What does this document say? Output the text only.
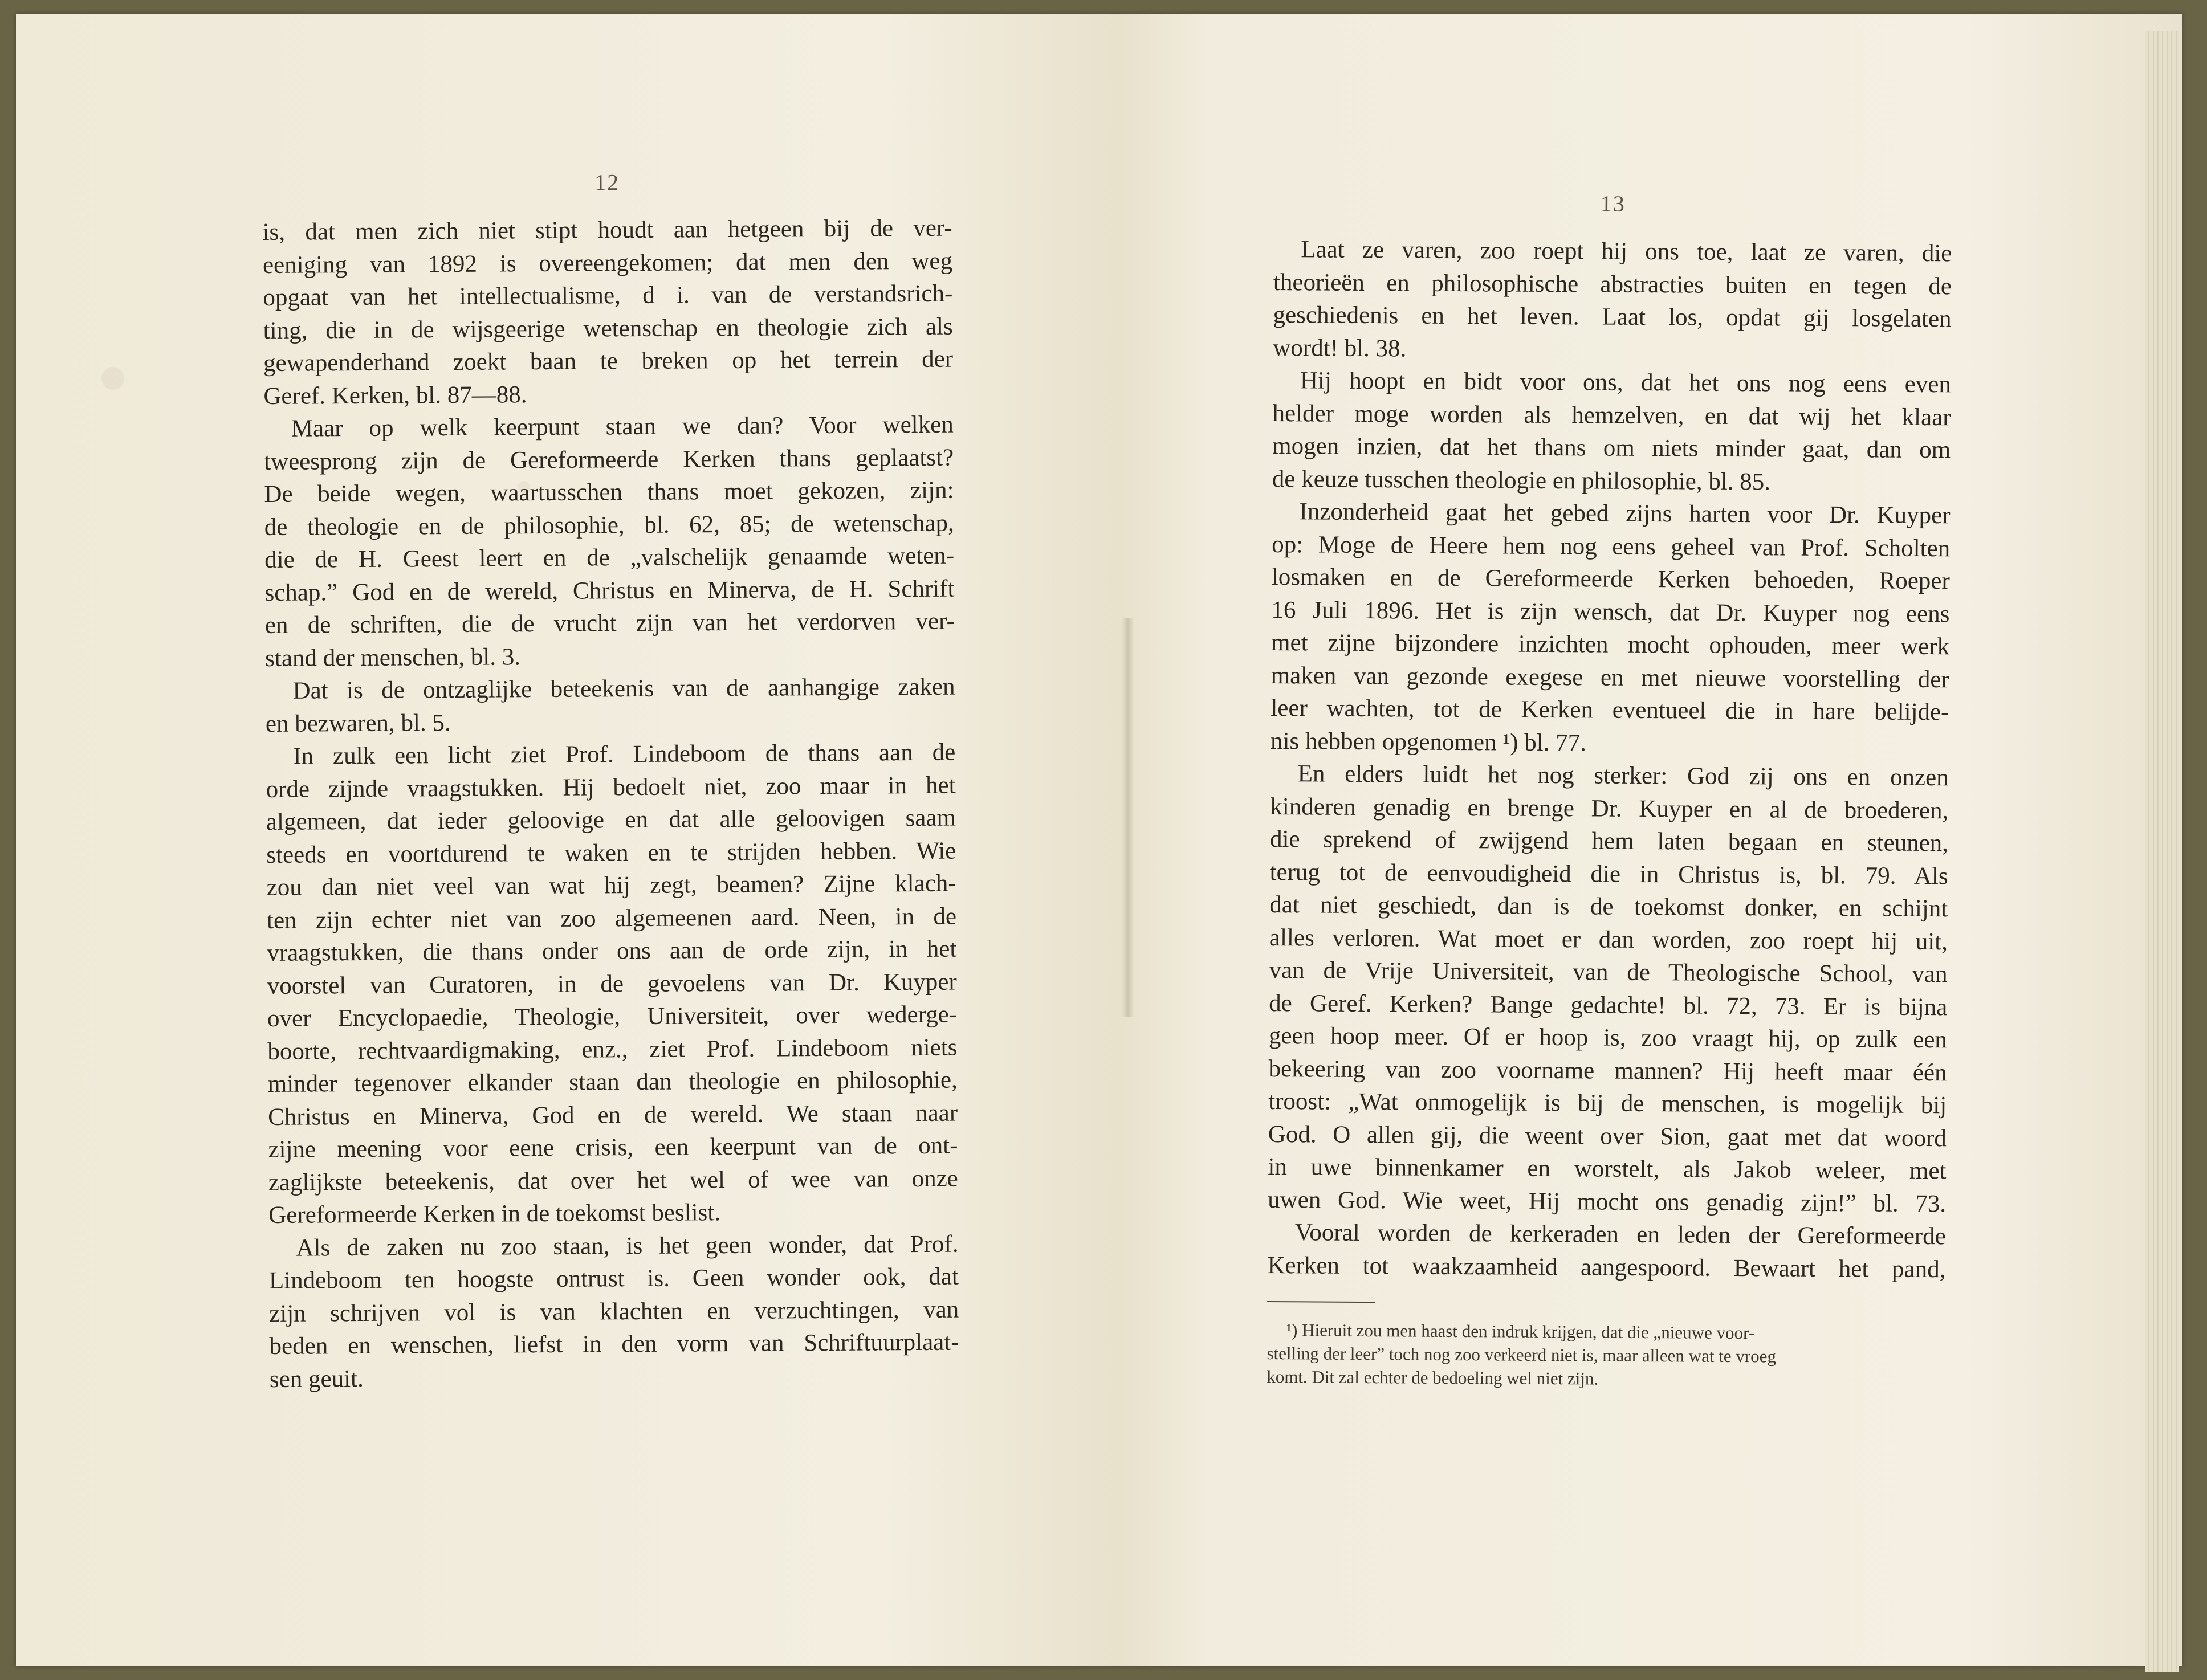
12
is, dat men zich niet stipt houdt aan hetgeen bij de ver-
eeniging van 1892 is overeengekomen; dat men den weg
opgaat van het intellectualisme, d i. van de verstandsrich-
ting, die in de wijsgeerige wetenschap en theologie zich als
gewapenderhand zoekt baan te breken op het terrein der
Geref. Kerken, bl. 87—88.
Maar op welk keerpunt staan we dan? Voor welken
tweesprong zijn de Gereformeerde Kerken thans geplaatst?
De beide wegen, waartusschen thans moet gekozen, zijn:
de theologie en de philosophie, bl. 62, 85; de wetenschap,
die de H. Geest leert en de „valschelijk genaamde weten-
schap.” God en de wereld, Christus en Minerva, de H. Schrift
en de schriften, die de vrucht zijn van het verdorven ver-
stand der menschen, bl. 3.
Dat is de ontzaglijke beteekenis van de aanhangige zaken
en bezwaren, bl. 5.
In zulk een licht ziet Prof. Lindeboom de thans aan de
orde zijnde vraagstukken. Hij bedoelt niet, zoo maar in het
algemeen, dat ieder geloovige en dat alle geloovigen saam
steeds en voortdurend te waken en te strijden hebben. Wie
zou dan niet veel van wat hij zegt, beamen? Zijne klach-
ten zijn echter niet van zoo algemeenen aard. Neen, in de
vraagstukken, die thans onder ons aan de orde zijn, in het
voorstel van Curatoren, in de gevoelens van Dr. Kuyper
over Encyclopaedie, Theologie, Universiteit, over wederge-
boorte, rechtvaardigmaking, enz., ziet Prof. Lindeboom niets
minder tegenover elkander staan dan theologie en philosophie,
Christus en Minerva, God en de wereld. We staan naar
zijne meening voor eene crisis, een keerpunt van de ont-
zaglijkste beteekenis, dat over het wel of wee van onze
Gereformeerde Kerken in de toekomst beslist.
Als de zaken nu zoo staan, is het geen wonder, dat Prof.
Lindeboom ten hoogste ontrust is. Geen wonder ook, dat
zijn schrijven vol is van klachten en verzuchtingen, van
beden en wenschen, liefst in den vorm van Schriftuurplaat-
sen geuit.
13
Laat ze varen, zoo roept hij ons toe, laat ze varen, die
theorieën en philosophische abstracties buiten en tegen de
geschiedenis en het leven. Laat los, opdat gij losgelaten
wordt! bl. 38.
Hij hoopt en bidt voor ons, dat het ons nog eens even
helder moge worden als hemzelven, en dat wij het klaar
mogen inzien, dat het thans om niets minder gaat, dan om
de keuze tusschen theologie en philosophie, bl. 85.
Inzonderheid gaat het gebed zijns harten voor Dr. Kuyper
op: Moge de Heere hem nog eens geheel van Prof. Scholten
losmaken en de Gereformeerde Kerken behoeden, Roeper
16 Juli 1896. Het is zijn wensch, dat Dr. Kuyper nog eens
met zijne bijzondere inzichten mocht ophouden, meer werk
maken van gezonde exegese en met nieuwe voorstelling der
leer wachten, tot de Kerken eventueel die in hare belijde-
nis hebben opgenomen ¹) bl. 77.
En elders luidt het nog sterker: God zij ons en onzen
kinderen genadig en brenge Dr. Kuyper en al de broederen,
die sprekend of zwijgend hem laten begaan en steunen,
terug tot de eenvoudigheid die in Christus is, bl. 79. Als
dat niet geschiedt, dan is de toekomst donker, en schijnt
alles verloren. Wat moet er dan worden, zoo roept hij uit,
van de Vrije Universiteit, van de Theologische School, van
de Geref. Kerken? Bange gedachte! bl. 72, 73. Er is bijna
geen hoop meer. Of er hoop is, zoo vraagt hij, op zulk een
bekeering van zoo voorname mannen? Hij heeft maar één
troost: „Wat onmogelijk is bij de menschen, is mogelijk bij
God. O allen gij, die weent over Sion, gaat met dat woord
in uwe binnenkamer en worstelt, als Jakob weleer, met
uwen God. Wie weet, Hij mocht ons genadig zijn!” bl. 73.
Vooral worden de kerkeraden en leden der Gereformeerde
Kerken tot waakzaamheid aangespoord. Bewaart het pand,
¹) Hieruit zou men haast den indruk krijgen, dat die „nieuwe voor-
stelling der leer” toch nog zoo verkeerd niet is, maar alleen wat te vroeg
komt. Dit zal echter de bedoeling wel niet zijn.
